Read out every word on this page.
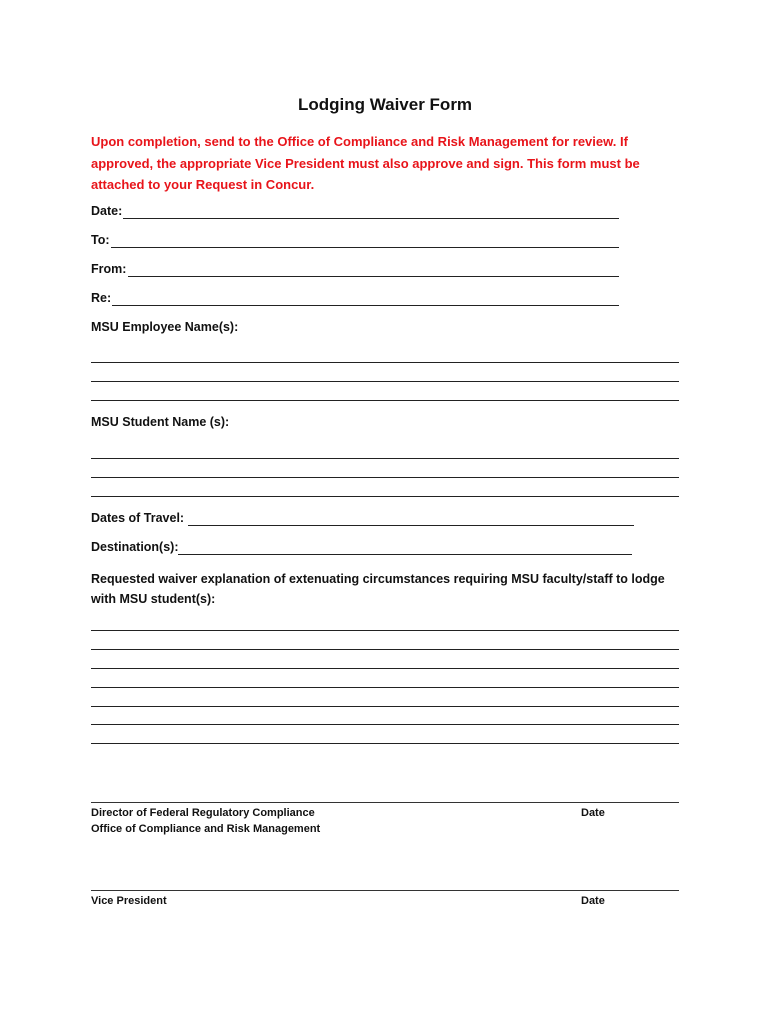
Lodging Waiver Form
Upon completion, send to the Office of Compliance and Risk Management for review. If approved, the appropriate Vice President must also approve and sign. This form must be attached to your Request in Concur.
Date:
To:
From:
Re:
MSU Employee Name(s):
MSU Student Name (s):
Dates of Travel:
Destination(s):
Requested waiver explanation of extenuating circumstances requiring MSU faculty/staff to lodge with MSU student(s):
Director of Federal Regulatory Compliance
Office of Compliance and Risk Management
Date
Vice President	Date
